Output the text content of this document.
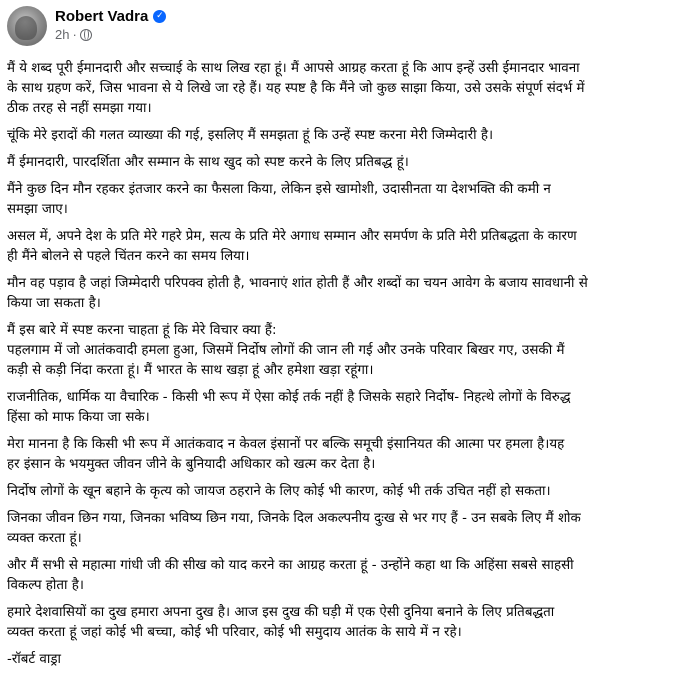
Robert Vadra ✓
2h ·

मैं ये शब्द पूरी ईमानदारी और सच्चाई के साथ लिख रहा हूं। मैं आपसे आग्रह करता हूं कि आप इन्हें उसी ईमानदार भावना
के साथ ग्रहण करें, जिस भावना से ये लिखे जा रहे हैं। यह स्पष्ट है कि मैंने जो कुछ साझा किया, उसे उसके संपूर्ण संदर्भ में
ठीक तरह से नहीं समझा गया।

चूंकि मेरे इरादों की गलत व्याख्या की गई, इसलिए मैं समझता हूं कि उन्हें स्पष्ट करना मेरी जिम्मेदारी है।

मैं ईमानदारी, पारदर्शिता और सम्मान के साथ खुद को स्पष्ट करने के लिए प्रतिबद्ध हूं।

मैंने कुछ दिन मौन रहकर इंतजार करने का फैसला किया, लेकिन इसे खामोशी, उदासीनता या देशभक्ति की कमी न
समझा जाए।

असल में, अपने देश के प्रति मेरे गहरे प्रेम, सत्य के प्रति मेरे अगाध सम्मान और समर्पण के प्रति मेरी प्रतिबद्धता के कारण
ही मैंने बोलने से पहले चिंतन करने का समय लिया।

मौन वह पड़ाव है जहां जिम्मेदारी परिपक्व होती है, भावनाएं शांत होती हैं और शब्दों का चयन आवेग के बजाय सावधानी से
किया जा सकता है।

मैं इस बारे में स्पष्ट करना चाहता हूं कि मेरे विचार क्या हैं:
पहलगाम में जो आतंकवादी हमला हुआ, जिसमें निर्दोष लोगों की जान ली गई और उनके परिवार बिखर गए, उसकी मैं
कड़ी से कड़ी निंदा करता हूं। मैं भारत के साथ खड़ा हूं और हमेशा खड़ा रहूंगा।

राजनीतिक, धार्मिक या वैचारिक - किसी भी रूप में ऐसा कोई तर्क नहीं है जिसके सहारे निर्दोष- निहत्थे लोगों के विरुद्ध
हिंसा को माफ किया जा सके।

मेरा मानना है कि किसी भी रूप में आतंकवाद न केवल इंसानों पर बल्कि समूची इंसानियत की आत्मा पर हमला है।यह
हर इंसान के भयमुक्त जीवन जीने के बुनियादी अधिकार को खत्म कर देता है।

निर्दोष लोगों के खून बहाने के कृत्य को जायज ठहराने के लिए कोई भी कारण, कोई भी तर्क उचित नहीं हो सकता।

जिनका जीवन छिन गया, जिनका भविष्य छिन गया, जिनके दिल अकल्पनीय दुःख से भर गए हैं - उन सबके लिए मैं शोक
व्यक्त करता हूं।

और मैं सभी से महात्मा गांधी जी की सीख को याद करने का आग्रह करता हूं - उन्होंने कहा था कि अहिंसा सबसे साहसी
विकल्प होता है।

हमारे देशवासियों का दुख हमारा अपना दुख है। आज इस दुख की घड़ी में एक ऐसी दुनिया बनाने के लिए प्रतिबद्धता
व्यक्त करता हूं जहां कोई भी बच्चा, कोई भी परिवार, कोई भी समुदाय आतंक के साये में न रहे।

-रॉबर्ट वाड्रा
